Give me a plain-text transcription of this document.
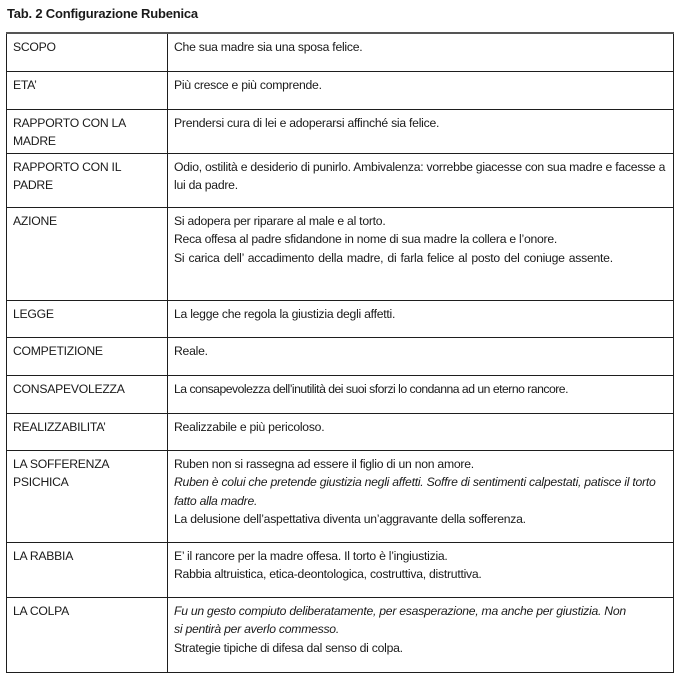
Tab. 2 Configurazione Rubenica
SCOPO	Che sua madre sia una sposa felice.

ETA’	Più cresce e più comprende.

RAPPORTO CON LA MADRE	Prendersi cura di lei e adoperarsi affinché sia felice.

RAPPORTO CON IL PADRE	Odio, ostilità e desiderio di punirlo. Ambivalenza: vorrebbe giacesse con sua madre e facesse a lui da padre.

AZIONE	Si adopera per riparare al male e al torto.
Reca offesa al padre sfidandone in nome di sua madre la collera e l’onore.
Si carica dell’ accadimento della madre, di farla felice al posto del coniuge assente.

LEGGE	La legge che regola la giustizia degli affetti.

COMPETIZIONE	Reale.

CONSAPEVOLEZZA	La consapevolezza dell’inutilità dei suoi sforzi lo condanna ad un eterno rancore.

REALIZZABILITA’	Realizzabile e più pericoloso.

LA SOFFERENZA PSICHICA	Ruben non si rassegna ad essere il figlio di un non amore.
Ruben è colui che pretende giustizia negli affetti. Soffre di sentimenti calpestati, patisce il torto fatto alla madre.
La delusione dell’aspettativa diventa un’aggravante della sofferenza.

LA RABBIA	E’ il rancore per la madre offesa. Il torto è l’ingiustizia.
Rabbia altruistica, etica-deontologica, costruttiva, distruttiva.

LA COLPA	Fu un gesto compiuto deliberatamente, per esasperazione, ma anche per giustizia. Non si pentirà per averlo commesso.
Strategie tipiche di difesa dal senso di colpa.
